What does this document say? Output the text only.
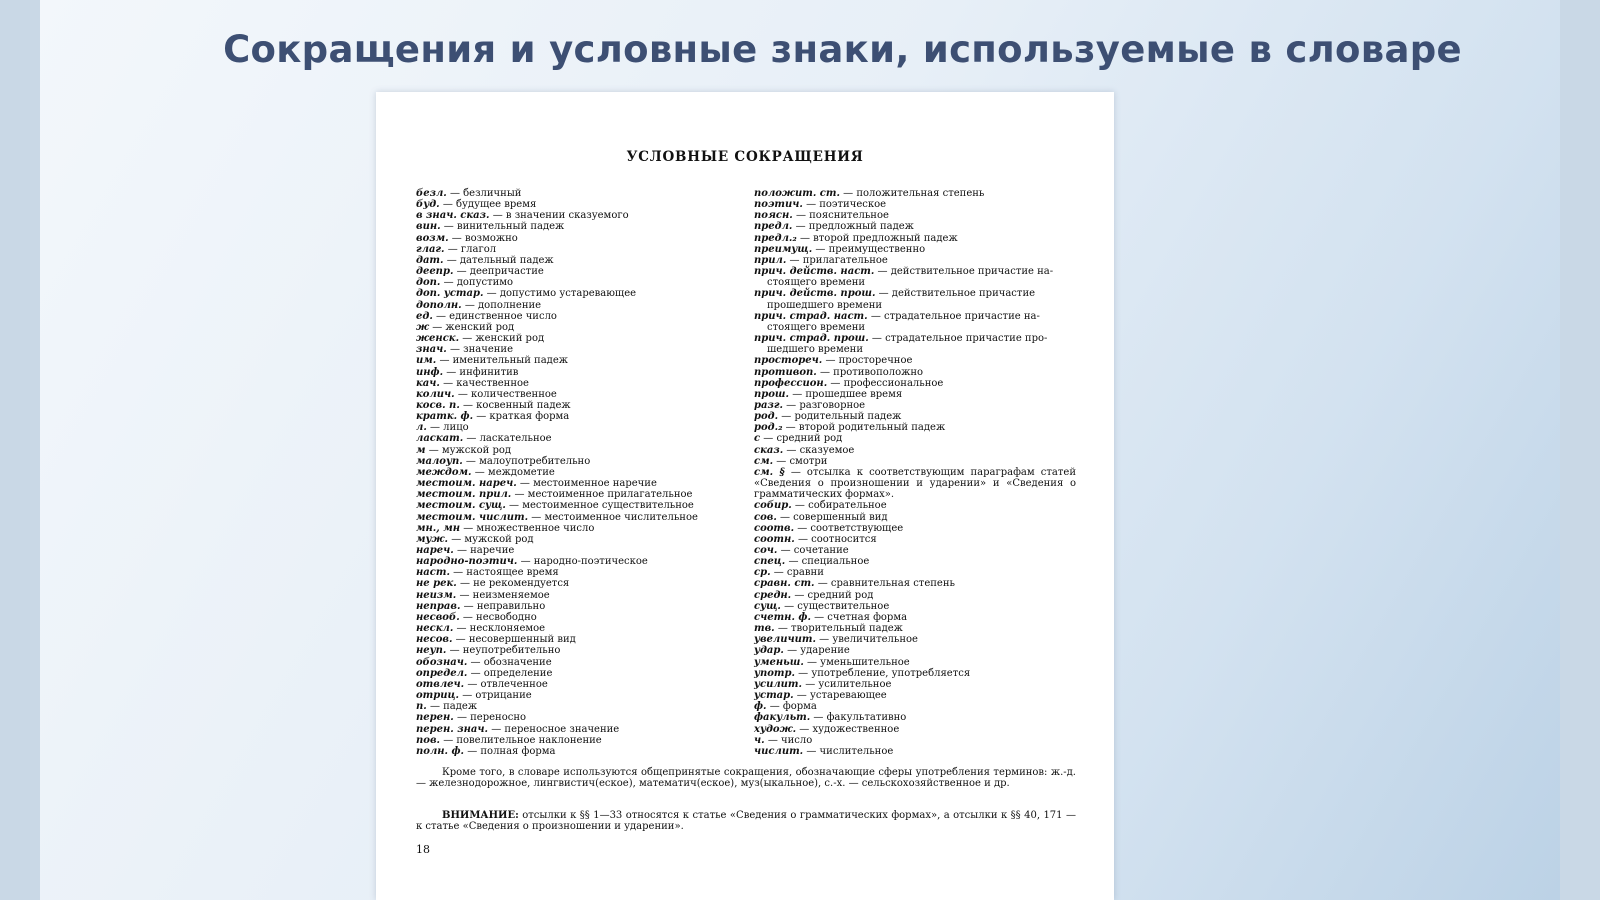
Сокращения и условные знаки, используемые в словаре
УСЛОВНЫЕ СОКРАЩЕНИЯ
безл. — безличный
буд. — будущее время
в знач. сказ. — в значении сказуемого
вин. — винительный падеж
возм. — возможно
глаг. — глагол
дат. — дательный падеж
деепр. — деепричастие
доп. — допустимо
доп. устар. — допустимо устаревающее
дополн. — дополнение
ед. — единственное число
ж — женский род
женск. — женский род
знач. — значение
им. — именительный падеж
инф. — инфинитив
кач. — качественное
колич. — количественное
косв. п. — косвенный падеж
кратк. ф. — краткая форма
л. — лицо
ласкат. — ласкательное
м — мужской род
малоуп. — малоупотребительно
междом. — междометие
местоим. нареч. — местоименное наречие
местоим. прил. — местоименное прилагательное
местоим. сущ. — местоименное существительное
местоим. числит. — местоименное числительное
мн., мн — множественное число
муж. — мужской род
нареч. — наречие
народно-поэтич. — народно-поэтическое
наст. — настоящее время
не рек. — не рекомендуется
неизм. — неизменяемое
неправ. — неправильно
несвоб. — несвободно
нескл. — несклоняемое
несов. — несовершенный вид
неуп. — неупотребительно
обознач. — обозначение
определ. — определение
отвлеч. — отвлеченное
отриц. — отрицание
п. — падеж
перен. — переносно
перен. знач. — переносное значение
пов. — повелительное наклонение
полн. ф. — полная форма
положит. ст. — положительная степень
поэтич. — поэтическое
поясн. — пояснительное
предл. — предложный падеж
предл.₂ — второй предложный падеж
преимущ. — преимущественно
прил. — прилагательное
прич. действ. наст. — действительное причастие на-
стоящего времени
прич. действ. прош. — действительное причастие
прошедшего времени
прич. страд. наст. — страдательное причастие на-
стоящего времени
прич. страд. прош. — страдательное причастие про-
шедшего времени
простореч. — просторечное
противоп. — противоположно
профессион. — профессиональное
прош. — прошедшее время
разг. — разговорное
род. — родительный падеж
род.₂ — второй родительный падеж
с — средний род
сказ. — сказуемое
см. — смотри
см. § — отсылка к соответствующим параграфам статей «Сведения о произношении и ударении» и «Сведения о грамматических формах».
собир. — собирательное
сов. — совершенный вид
соотв. — соответствующее
соотн. — соотносится
соч. — сочетание
спец. — специальное
ср. — сравни
сравн. ст. — сравнительная степень
средн. — средний род
сущ. — существительное
счетн. ф. — счетная форма
тв. — творительный падеж
увеличит. — увеличительное
удар. — ударение
уменьш. — уменьшительное
употр. — употребление, употребляется
усилит. — усилительное
устар. — устаревающее
ф. — форма
факульт. — факультативно
худож. — художественное
ч. — число
числит. — числительное

Кроме того, в словаре используются общепринятые сокращения, обозначающие сферы употребления терминов: ж.-д. — железнодорожное, лингвистич(еское), математич(еское), муз(ыкальное), с.-х. — сельскохозяйственное и др.

ВНИМАНИЕ: отсылки к §§ 1—33 относятся к статье «Сведения о грамматических формах», а отсылки к §§ 40, 171 — к статье «Сведения о произношении и ударении».

18
